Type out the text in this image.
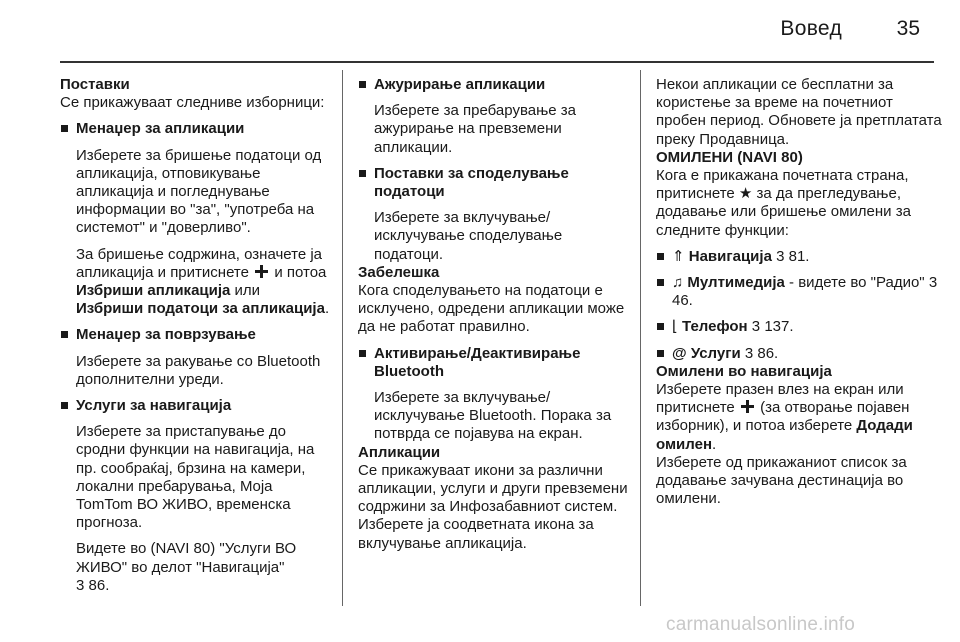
Вовед	35

Поставки

Се прикажуваат следниве изборници:

Менаџер за апликации
Изберете за бришење податоци од апликација, отповикување апликација и погледнување информации во "за", "употреба на системот" и "доверливо".
За бришење содржина, означете ја апликација и притиснете и потоа Избриши апликација или Избриши податоци за апликација.
Менаџер за поврзување
Изберете за ракување со Bluetooth дополнителни уреди.
Услуги за навигација
Изберете за пристапување до сродни функции на навигација, на пр. сообраќај, брзина на камери, локални пребарувања, Moja TomTom ВО ЖИВО, временска прогноза.
Видете во (NAVI 80) "Услуги ВО ЖИВО" во делот "Навигација"
3 86.
Ажурирање апликации
Изберете за пребарување за ажурирање на превземени апликации.
Поставки за споделување податоци
Изберете за вклучување/ исклучување споделување податоци.

Забелешка

Кога споделувањето на податоци е исклучено, одредени апликации може да не работат правилно.

Активирање/Деактивирање Bluetooth
Изберете за вклучување/ исклучување Bluetooth. Порака за потврда се појавува на екран.

Апликации

Се прикажуваат икони за различни апликации, услуги и други превземени содржини за Инфозабавниот систем. Изберете ја соодветната икона за вклучување апликација.

Некои апликации се бесплатни за користење за време на почетниот пробен период. Обновете ја претплатата преку Продавница.

ОМИЛЕНИ (NAVI 80)

Кога е прикажана почетната страна, притиснете ★ за да прегледување, додавање или бришење омилени за следните функции:

⇑ Навигација 3 81.
♫ Мултимедија - видете во "Радио" 3 46.
⌊ Телефон 3 137.
@ Услуги 3 86.

Омилени во навигација

Изберете празен влез на екран или притиснете (за отворање појавен изборник), и потоа изберете Додади омилен.

Изберете од прикажаниот список за додавање зачувана дестинација во омилени.

carmanualsonline.info
